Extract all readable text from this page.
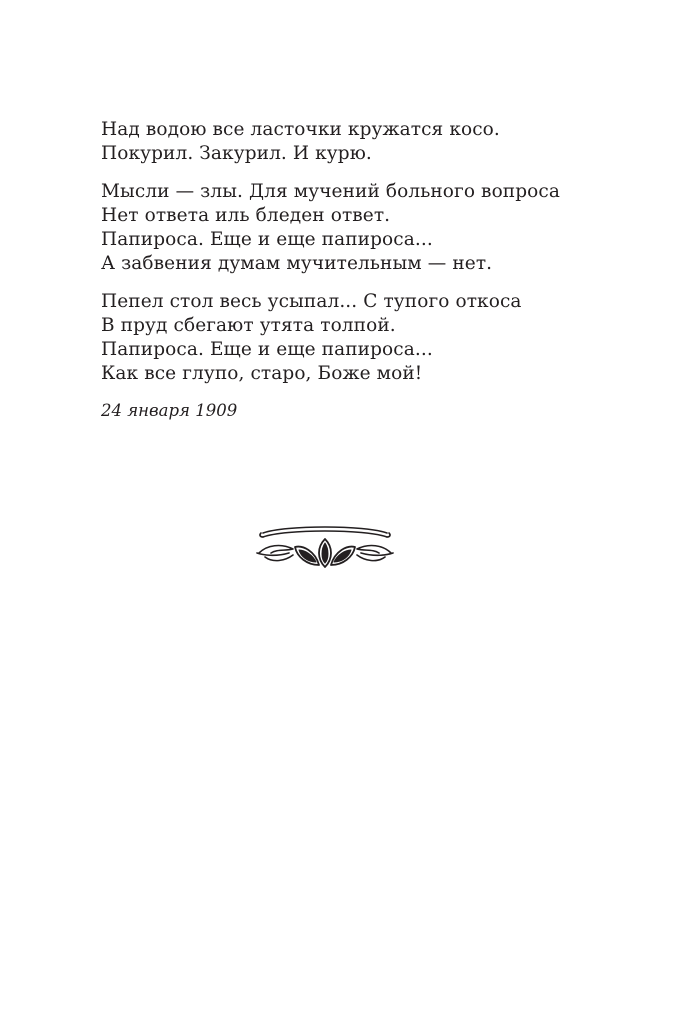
Над водою все ласточки кружатся косо.
Покурил. Закурил. И курю.
Мысли — злы. Для мучений больного вопроса
Нет ответа иль бледен ответ.
Папироса. Еще и еще папироса...
А забвения думам мучительным — нет.
Пепел стол весь усыпал... С тупого откоса
В пруд сбегают утята толпой.
Папироса. Еще и еще папироса...
Как все глупо, старо, Боже мой!
24 января 1909
